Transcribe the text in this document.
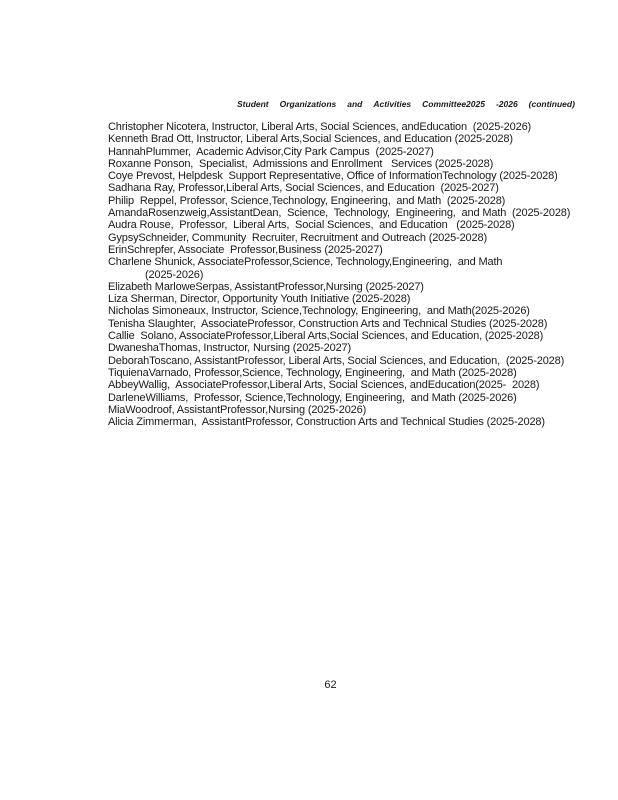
Student Organizations and Activities Committee2025 -2026 (continued)
Christopher Nicotera, Instructor, Liberal Arts, Social Sciences, andEducation  (2025-2026)
Kenneth Brad Ott, Instructor, Liberal Arts,Social Sciences, and Education (2025-2028)
HannahPlummer,  Academic Advisor,City Park Campus  (2025-2027)
Roxanne Ponson,  Specialist,  Admissions and Enrollment   Services (2025-2028)
Coye Prevost, Helpdesk  Support Representative, Office of InformationTechnology (2025-2028)
Sadhana Ray, Professor,Liberal Arts, Social Sciences, and Education  (2025-2027)
Philip  Reppel, Professor, Science,Technology, Engineering,  and Math  (2025-2028)
AmandaRosenzweig,AssistantDean,  Science,  Technology,  Engineering,  and Math  (2025-2028)
Audra Rouse,  Professor,  Liberal Arts,  Social Sciences,  and Education   (2025-2028)
GypsySchneider, Community  Recruiter, Recruitment and Outreach (2025-2028)
ErinSchrepfer, Associate  Professor,Business (2025-2027)
Charlene Shunick, AssociateProfessor,Science, Technology,Engineering,  and Math
(2025-2026)
Elizabeth MarloweSerpas, AssistantProfessor,Nursing (2025-2027)
Liza Sherman, Director, Opportunity Youth Initiative (2025-2028)
Nicholas Simoneaux, Instructor, Science,Technology, Engineering,  and Math(2025-2026)
Tenisha Slaughter,  AssociateProfessor, Construction Arts and Technical Studies (2025-2028)
Callie  Solano, AssociateProfessor,Liberal Arts,Social Sciences, and Education, (2025-2028)
DwaneshaThomas, Instructor, Nursing (2025-2027)
DeborahToscano, AssistantProfessor, Liberal Arts, Social Sciences, and Education,  (2025-2028)
TiquienaVarnado, Professor,Science, Technology, Engineering,  and Math (2025-2028)
AbbeyWallig,  AssociateProfessor,Liberal Arts, Social Sciences, andEducation(2025-  2028)
DarleneWilliams,  Professor, Science,Technology, Engineering,  and Math (2025-2026)
MiaWoodroof, AssistantProfessor,Nursing (2025-2026)
Alicia Zimmerman,  AssistantProfessor, Construction Arts and Technical Studies (2025-2028)
62
